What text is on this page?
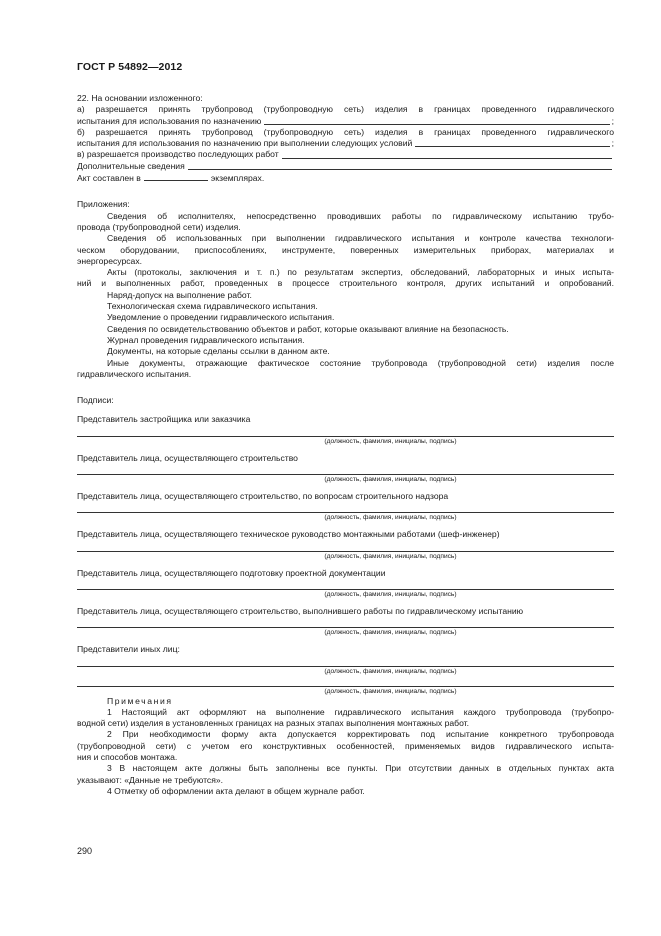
ГОСТ Р 54892—2012
22. На основании изложенного:
а) разрешается принять трубопровод (трубопроводную сеть) изделия в границах проведенного гидравлического
испытания для использования по назначению	;
б) разрешается принять трубопровод (трубопроводную сеть) изделия в границах проведенного гидравлического
испытания для использования по назначению при выполнении следующих условий	;
в) разрешается производство последующих работ
Дополнительные сведения
Акт составлен в	экземплярах.
Приложения:
Сведения об исполнителях, непосредственно проводивших работы по гидравлическому испытанию трубо-
провода (трубопроводной сети) изделия.
Сведения об использованных при выполнении гидравлического испытания и контроле качества технологи-
ческом оборудовании, приспособлениях, инструменте, поверенных измерительных приборах, материалах и
энергоресурсах.
Акты (протоколы, заключения и т. п.) по результатам экспертиз, обследований, лабораторных и иных испыта-
ний и выполненных работ, проведенных в процессе строительного контроля, других испытаний и опробований.
Наряд-допуск на выполнение работ.
Технологическая схема гидравлического испытания.
Уведомление о проведении гидравлического испытания.
Сведения по освидетельствованию объектов и работ, которые оказывают влияние на безопасность.
Журнал проведения гидравлического испытания.
Документы, на которые сделаны ссылки в данном акте.
Иные документы, отражающие фактическое состояние трубопровода (трубопроводной сети) изделия после
гидравлического испытания.
Подписи:
Представитель застройщика или заказчика
(должность, фамилия, инициалы, подпись)
Представитель лица, осуществляющего строительство
(должность, фамилия, инициалы, подпись)
Представитель лица, осуществляющего строительство, по вопросам строительного надзора
(должность, фамилия, инициалы, подпись)
Представитель лица, осуществляющего техническое руководство монтажными работами (шеф-инженер)
(должность, фамилия, инициалы, подпись)
Представитель лица, осуществляющего подготовку проектной документации
(должность, фамилия, инициалы, подпись)
Представитель лица, осуществляющего строительство, выполнившего работы по гидравлическому испытанию
(должность, фамилия, инициалы, подпись)
Представители иных лиц:
(должность, фамилия, инициалы, подпись)
(должность, фамилия, инициалы, подпись)
Примечания
1 Настоящий акт оформляют на выполнение гидравлического испытания каждого трубопровода (трубопро-
водной сети) изделия в установленных границах на разных этапах выполнения монтажных работ.
2 При необходимости форму акта допускается корректировать под испытание конкретного трубопровода
(трубопроводной сети) с учетом его конструктивных особенностей, применяемых видов гидравлического испыта-
ния и способов монтажа.
3 В настоящем акте должны быть заполнены все пункты. При отсутствии данных в отдельных пунктах акта
указывают: «Данные не требуются».
4 Отметку об оформлении акта делают в общем журнале работ.
290
